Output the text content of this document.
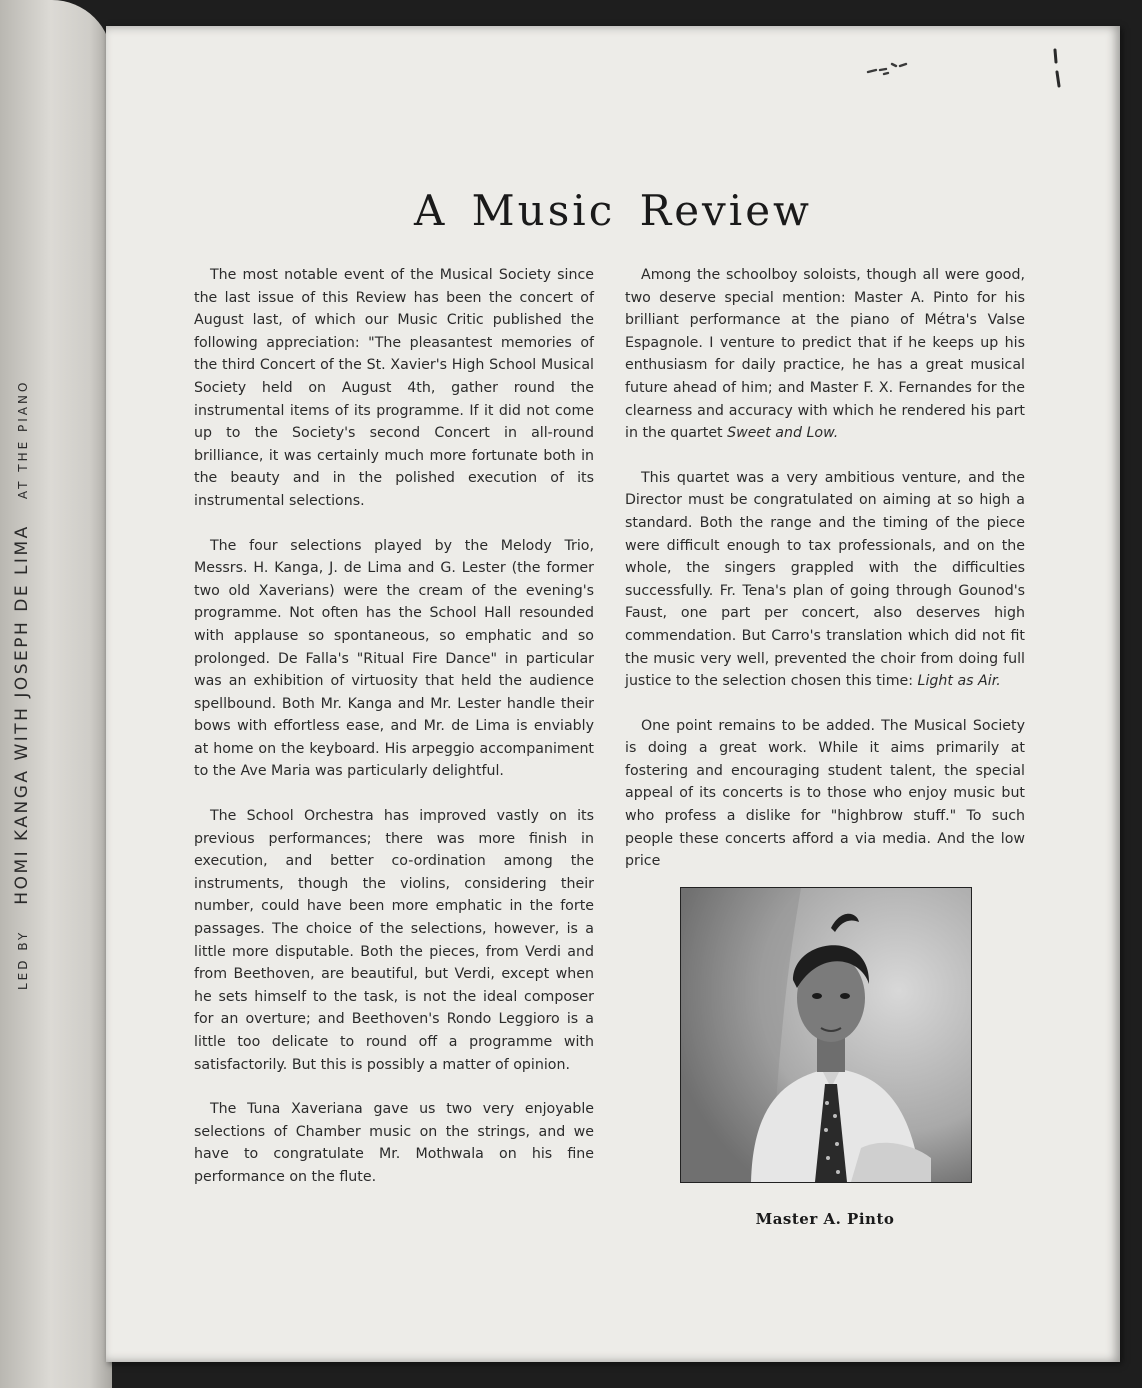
LED BY    HOMI KANGA WITH JOSEPH DE LIMA    AT THE PIANO
A Music Review

The most notable event of the Musical Society since the last issue of this Review has been the concert of August last, of which our Music Critic published the following appreciation: "The pleasantest memories of the third Concert of the St. Xavier's High School Musical Society held on August 4th, gather round the instrumental items of its programme. If it did not come up to the Society's second Concert in all-round brilliance, it was certainly much more fortunate both in the beauty and in the polished execution of its instrumental selections.

The four selections played by the Melody Trio, Messrs. H. Kanga, J. de Lima and G. Lester (the former two old Xaverians) were the cream of the evening's programme. Not often has the School Hall resounded with applause so spontaneous, so emphatic and so prolonged. De Falla's "Ritual Fire Dance" in particular was an exhibition of virtuosity that held the audience spellbound. Both Mr. Kanga and Mr. Lester handle their bows with effortless ease, and Mr. de Lima is enviably at home on the keyboard. His arpeggio accompaniment to the Ave Maria was particularly delightful.

The School Orchestra has improved vastly on its previous performances; there was more finish in execution, and better co-ordination among the instruments, though the violins, considering their number, could have been more emphatic in the forte passages. The choice of the selections, however, is a little more disputable. Both the pieces, from Verdi and from Beethoven, are beautiful, but Verdi, except when he sets himself to the task, is not the ideal composer for an overture; and Beethoven's Rondo Leggioro is a little too delicate to round off a programme with satisfactorily. But this is possibly a matter of opinion.

The Tuna Xaveriana gave us two very enjoyable selections of Chamber music on the strings, and we have to congratulate Mr. Mothwala on his fine performance on the flute.

Among the schoolboy soloists, though all were good, two deserve special mention: Master A. Pinto for his brilliant performance at the piano of Métra's Valse Espagnole. I venture to predict that if he keeps up his enthusiasm for daily practice, he has a great musical future ahead of him; and Master F. X. Fernandes for the clearness and accuracy with which he rendered his part in the quartet Sweet and Low.

This quartet was a very ambitious venture, and the Director must be congratulated on aiming at so high a standard. Both the range and the timing of the piece were difficult enough to tax professionals, and on the whole, the singers grappled with the difficulties successfully. Fr. Tena's plan of going through Gounod's Faust, one part per concert, also deserves high commendation. But Carro's translation which did not fit the music very well, prevented the choir from doing full justice to the selection chosen this time: Light as Air.

One point remains to be added. The Musical Society is doing a great work. While it aims primarily at fostering and encouraging student talent, the special appeal of its concerts is to those who enjoy music but who profess a dislike for "highbrow stuff." To such people these concerts afford a via media. And the low price

Master A. Pinto
